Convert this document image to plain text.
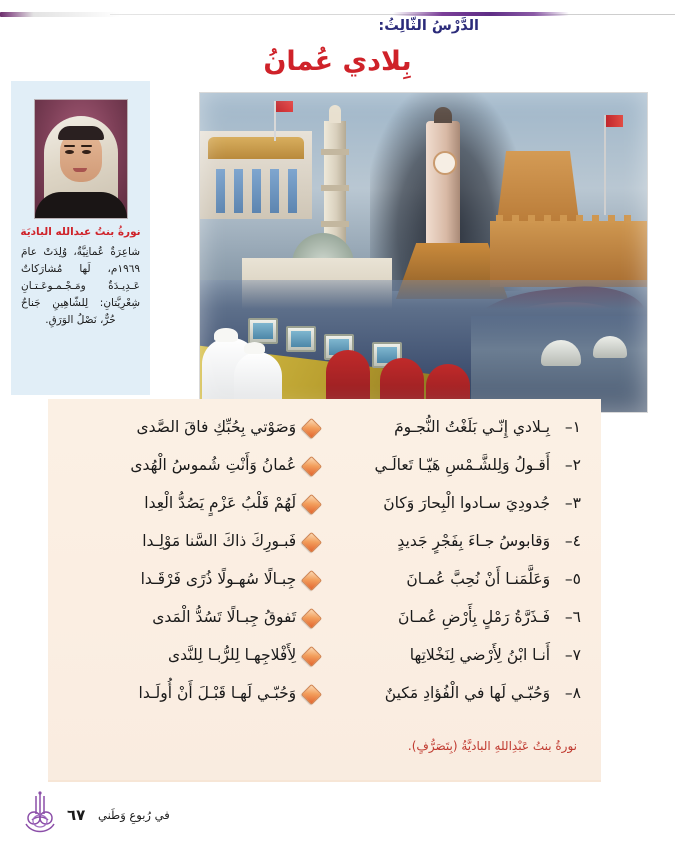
الدَّرْسُ الثّالِثُ:
بِلادي عُمانُ
نورةُ بنتُ عبدالله الباديَة
شاعِرَةٌ عُمانِيَّةٌ، وُلِدَتْ عامَ ١٩٦٩م، لَها مُشارَكاتٌ عَـدِيـدَةٌ ومَـجْـمـوعَـتـانِ شِعْرِيَّتانِ: لِلشّاهِينِ جَناحٌ حُرٌّ، نَصْلُ الوَرَقِ.
١– بِـلادي إِنّـي بَلَغْتُ النُّجـومَ
وَصَوْتي بِحُبِّكِ فاقَ الصَّدى
٢– أَقـولُ وَلِلشَّـمْسِ هَيّـا تَعالَـي
عُمانُ وَأَنْتِ شُموسُ الْهُدى
٣– جُدودِيَ سـادوا الْبِحارَ وَكانَ
لَهُمْ قَلْبُ عَزْمٍ يَصُدُّ الْعِدا
٤– وَقابوسُ جـاءَ بِفَجْرٍ جَديدٍ
فَبـورِكَ ذاكَ السَّنا مَوْلِـدا
٥– وَعَلَّمَنـا أَنْ نُحِبَّ عُمـانَ
جِبـالًا سُهـولًا ذُرًى فَرْقَـدا
٦– فَـذَرَّةُ رَمْلٍ بِأَرْضِ عُمـانَ
تَفوقُ جِبـالًا تَسُدُّ الْمَدى
٧– أَنـا ابْنُ لِأَرْضي لِنَخْلاتِها
لِأَفْلاجِهـا لِلرُّبـا لِلنَّدى
٨– وَحُبّـي لَها في الْفُؤادِ مَكينٌ
وَحُبّـي لَهـا قَبْـلَ أَنْ أُولَـدا
نورةُ بنتُ عَبْدِاللهِ الباديَّةُ (بِتَصَرُّفٍ).
٦٧ في رُبوعِ وَطَني
